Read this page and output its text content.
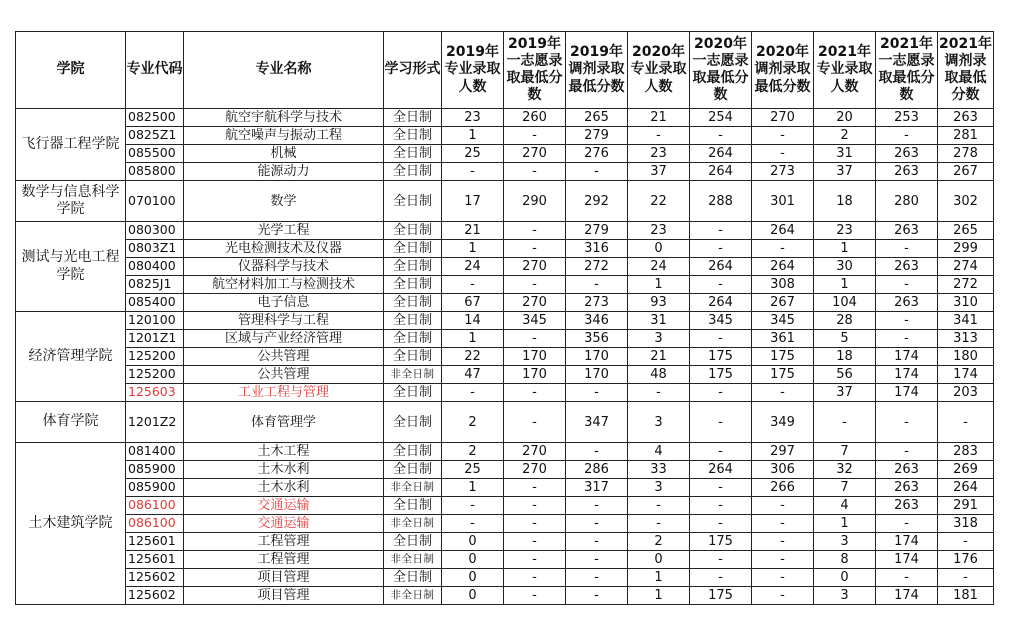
学院	专业代码	专业名称	学习形式	2019年专业录取人数	2019年一志愿录取最低分数	2019年调剂录取最低分数	2020年专业录取人数	2020年一志愿录取最低分数	2020年调剂录取最低分数	2021年专业录取人数	2021年一志愿录取最低分数	2021年调剂录取最低分数
飞行器工程学院	082500	航空宇航科学与技术	全日制	23	260	265	21	254	270	20	253	263
	0825Z1	航空噪声与振动工程	全日制	1	-	279	-	-	-	2	-	281
	085500	机械	全日制	25	270	276	23	264	-	31	263	278
	085800	能源动力	全日制	-	-	-	37	264	273	37	263	267
数学与信息科学学院	070100	数学	全日制	17	290	292	22	288	301	18	280	302
测试与光电工程学院	080300	光学工程	全日制	21	-	279	23	-	264	23	263	265
	0803Z1	光电检测技术及仪器	全日制	1	-	316	0	-	-	1	-	299
	080400	仪器科学与技术	全日制	24	270	272	24	264	264	30	263	274
	0825J1	航空材料加工与检测技术	全日制	-	-	-	1	-	308	1	-	272
	085400	电子信息	全日制	67	270	273	93	264	267	104	263	310
经济管理学院	120100	管理科学与工程	全日制	14	345	346	31	345	345	28	-	341
	1201Z1	区域与产业经济管理	全日制	1	-	356	3	-	361	5	-	313
	125200	公共管理	全日制	22	170	170	21	175	175	18	174	180
	125200	公共管理	非全日制	47	170	170	48	175	175	56	174	174
	125603	工业工程与管理	全日制	-	-	-	-	-	-	37	174	203
体育学院	1201Z2	体育管理学	全日制	2	-	347	3	-	349	-	-	-
土木建筑学院	081400	土木工程	全日制	2	270	-	4	-	297	7	-	283
	085900	土木水利	全日制	25	270	286	33	264	306	32	263	269
	085900	土木水利	非全日制	1	-	317	3	-	266	7	263	264
	086100	交通运输	全日制	-	-	-	-	-	-	4	263	291
	086100	交通运输	非全日制	-	-	-	-	-	-	1	-	318
	125601	工程管理	全日制	0	-	-	2	175	-	3	174	-
	125601	工程管理	非全日制	0	-	-	0	-	-	8	174	176
	125602	项目管理	全日制	0	-	-	1	-	-	0	-	-
	125602	项目管理	非全日制	0	-	-	1	175	-	3	174	181
